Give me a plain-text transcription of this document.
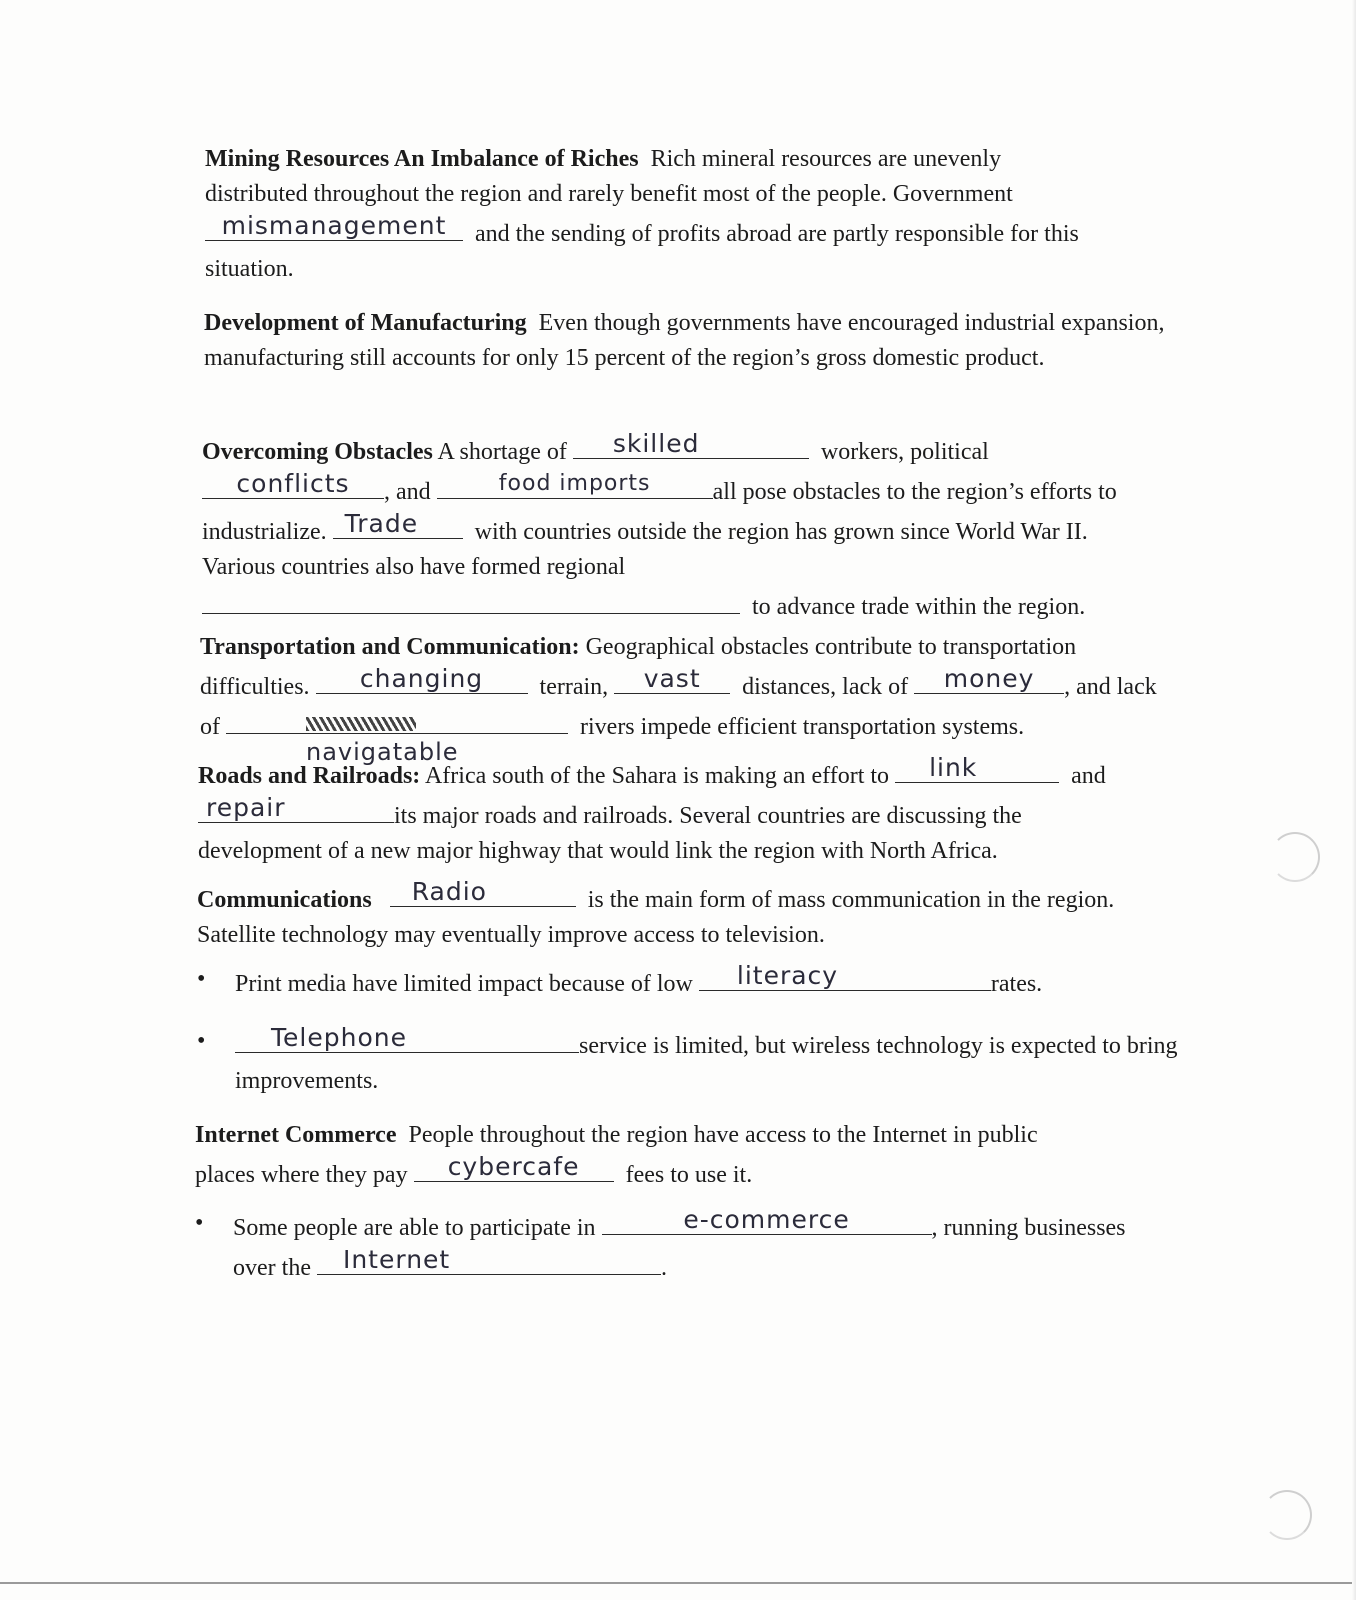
Mining Resources An Imbalance of Riches Rich mineral resources are unevenly
distributed throughout the region and rarely benefit most of the people. Government
mismanagement	and the sending of profits abroad are partly responsible for this
situation.
Development of Manufacturing Even though governments have encouraged industrial expansion, manufacturing still accounts for only 15 percent of the region’s gross domestic product.
Overcoming Obstacles A shortage of	skilled	workers, political
conflicts	, and	food imports	all pose obstacles to the region’s efforts to
industrialize. Trade	with countries outside the region has grown since World War II.
Various countries also have formed regional
to advance trade within the region.
Transportation and Communication: Geographical obstacles contribute to transportation
difficulties.	changing	terrain,	vast	distances, lack of	money	, and lack
of
navigatable
rivers impede efficient transportation systems.
Roads and Railroads: Africa south of the Sahara is making an effort to	link	and
repair	its major roads and railroads. Several countries are discussing the
development of a new major highway that would link the region with North Africa.
Communications	Radio	is the main form of mass communication in the region.
Satellite technology may eventually improve access to television.
• Print media have limited impact because of low	literacy	rates.
•	Telephone	service is limited, but wireless technology is expected to bring improvements.
Internet Commerce People throughout the region have access to the Internet in public
places where they pay	cybercafe	fees to use it.
• Some people are able to participate in	e-commerce	, running businesses
over the	Internet	.
